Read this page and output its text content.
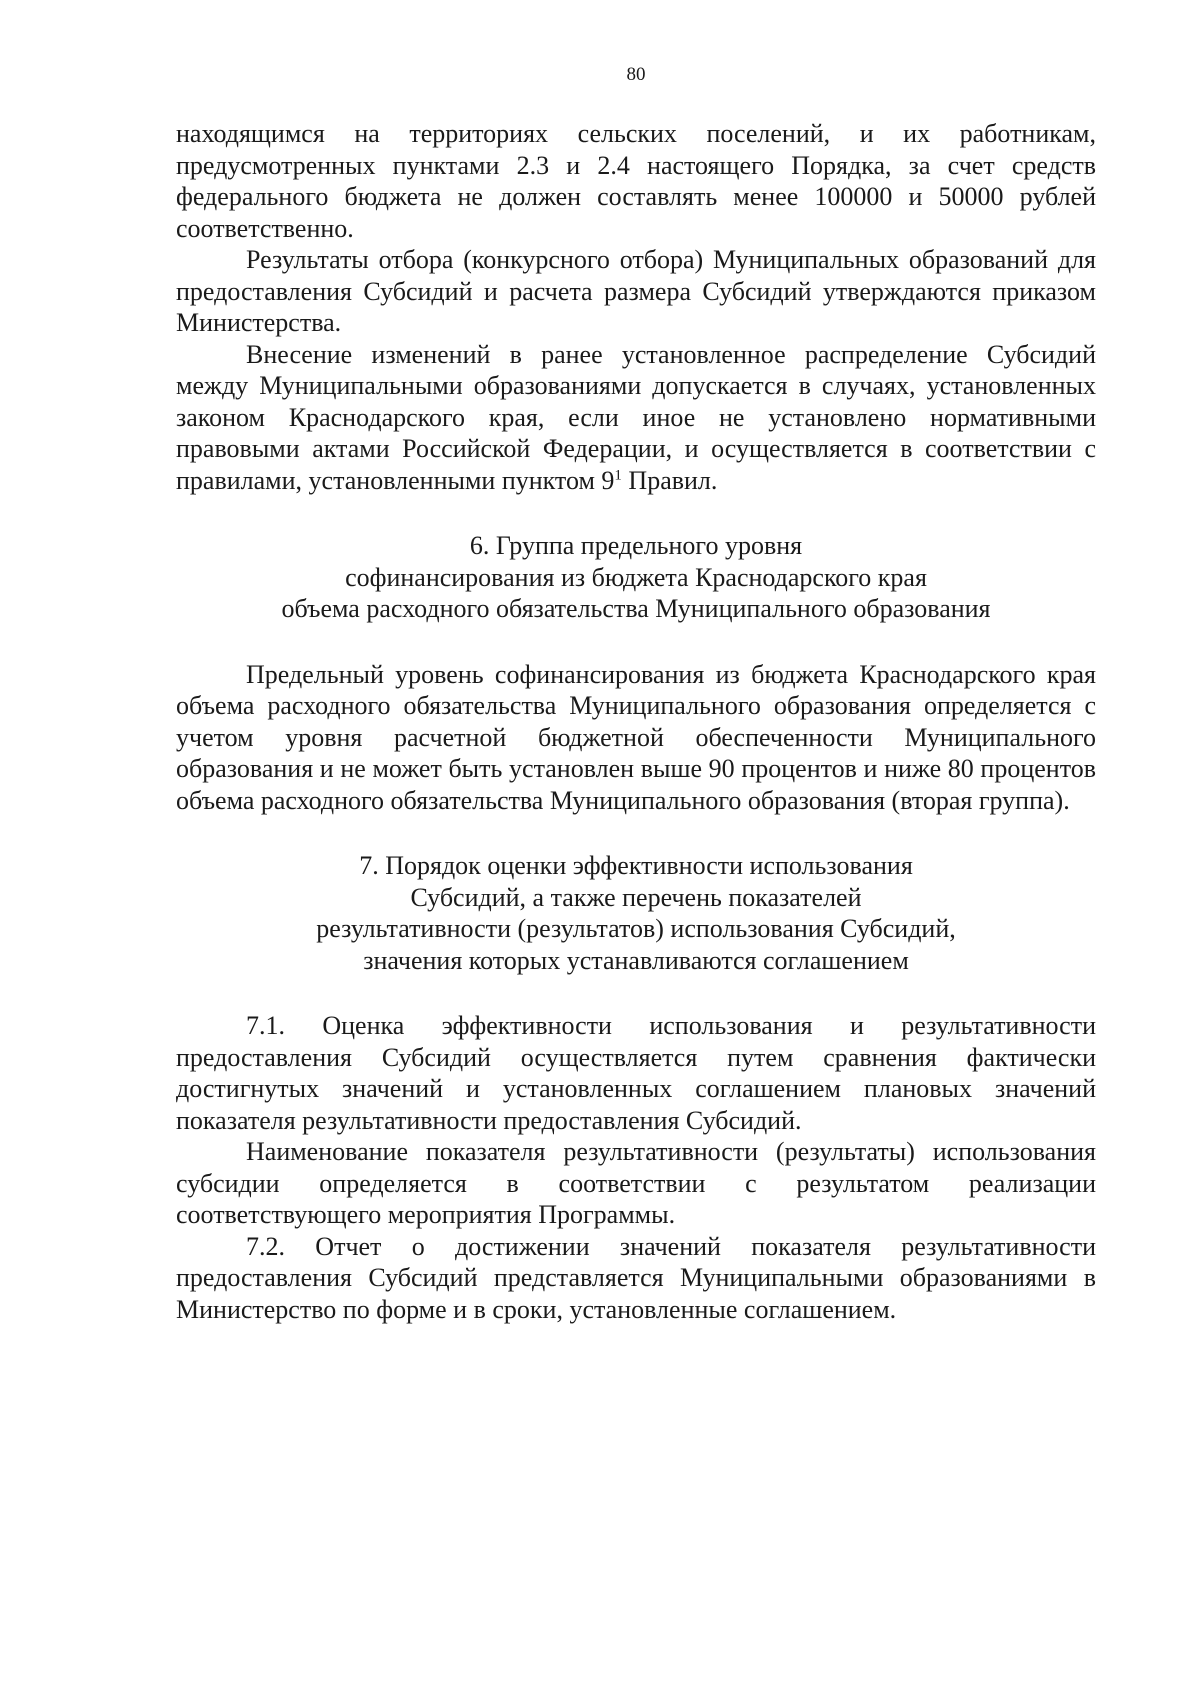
80

находящимся на территориях сельских поселений, и их работникам, предусмотренных пунктами 2.3 и 2.4 настоящего Порядка, за счет средств федерального бюджета не должен составлять менее 100000 и 50000 рублей соответственно.

Результаты отбора (конкурсного отбора) Муниципальных образований для предоставления Субсидий и расчета размера Субсидий утверждаются приказом Министерства.

Внесение изменений в ранее установленное распределение Субсидий между Муниципальными образованиями допускается в случаях, установленных законом Краснодарского края, если иное не установлено нормативными правовыми актами Российской Федерации, и осуществляется в соответствии с правилами, установленными пунктом $9^1$ Правил.

6. Группа предельного уровня
софинансирования из бюджета Краснодарского края
объема расходного обязательства Муниципального образования

Предельный уровень софинансирования из бюджета Краснодарского края объема расходного обязательства Муниципального образования определяется с учетом уровня расчетной бюджетной обеспеченности Муниципального образования и не может быть установлен выше 90 процентов и ниже 80 процентов объема расходного обязательства Муниципального образования (вторая группа).

7. Порядок оценки эффективности использования
Субсидий, а также перечень показателей
результативности (результатов) использования Субсидий,
значения которых устанавливаются соглашением

7.1. Оценка эффективности использования и результативности предоставления Субсидий осуществляется путем сравнения фактически достигнутых значений и установленных соглашением плановых значений показателя результативности предоставления Субсидий.

Наименование показателя результативности (результаты) использования субсидии определяется в соответствии с результатом реализации соответствующего мероприятия Программы.

7.2. Отчет о достижении значений показателя результативности предоставления Субсидий представляется Муниципальными образованиями в Министерство по форме и в сроки, установленные соглашением.
